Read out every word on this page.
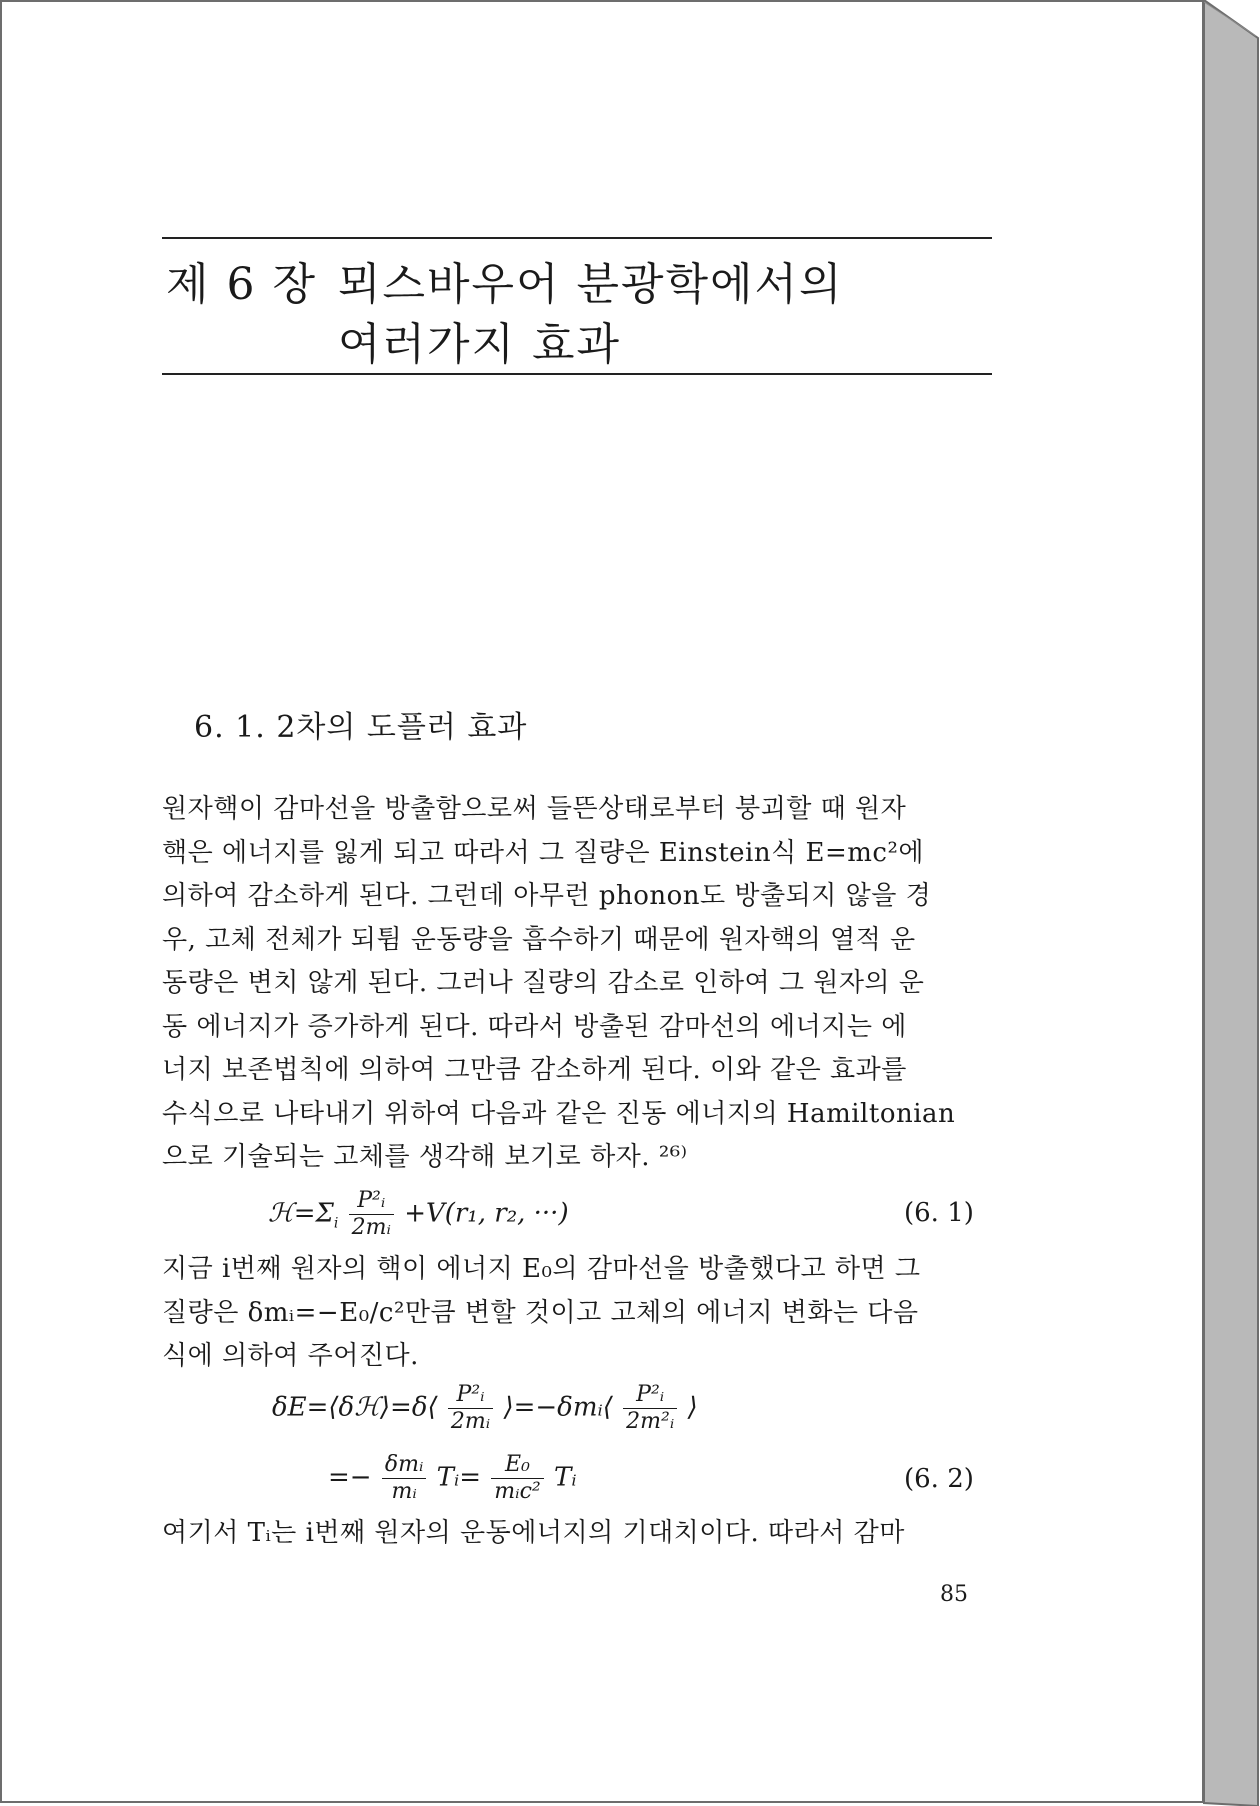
제 6 장 뫼스바우어 분광학에서의
여러가지 효과
6. 1. 2차의 도플러 효과
원자핵이 감마선을 방출함으로써 들뜬상태로부터 붕괴할 때 원자
핵은 에너지를 잃게 되고 따라서 그 질량은 Einstein식 E=mc²에
의하여 감소하게 된다. 그런데 아무런 phonon도 방출되지 않을 경
우, 고체 전체가 되튐 운동량을 흡수하기 때문에 원자핵의 열적 운
동량은 변치 않게 된다. 그러나 질량의 감소로 인하여 그 원자의 운
동 에너지가 증가하게 된다. 따라서 방출된 감마선의 에너지는 에
너지 보존법칙에 의하여 그만큼 감소하게 된다. 이와 같은 효과를
수식으로 나타내기 위하여 다음과 같은 진동 에너지의 Hamiltonian
으로 기술되는 고체를 생각해 보기로 하자. ²⁶⁾
$ℋ=\Sigma_i \frac{\text{P²ᵢ}}{\text{2mᵢ}} +V(r_1$, r₂, ···)	(6. 1)
지금 i번째 원자의 핵이 에너지 E₀의 감마선을 방출했다고 하면 그
질량은 δmᵢ=−E₀/c²만큼 변할 것이고 고체의 에너지 변화는 다음
식에 의하여 주어진다.
δE=⟨δℋ⟩=δ⟨ $\frac{\text{P²ᵢ}}{\text{2mᵢ}}$ ⟩=−δmᵢ⟨ $\frac{\text{P²ᵢ}}{\text{2m²ᵢ}}$ ⟩
=− $\frac{\text{δmᵢ}}{\text{mᵢ}}$ Tᵢ= $\frac{\text{E₀}}{\text{mᵢc²}}$ Tᵢ	(6. 2)
여기서 Tᵢ는 i번째 원자의 운동에너지의 기대치이다. 따라서 감마
85
